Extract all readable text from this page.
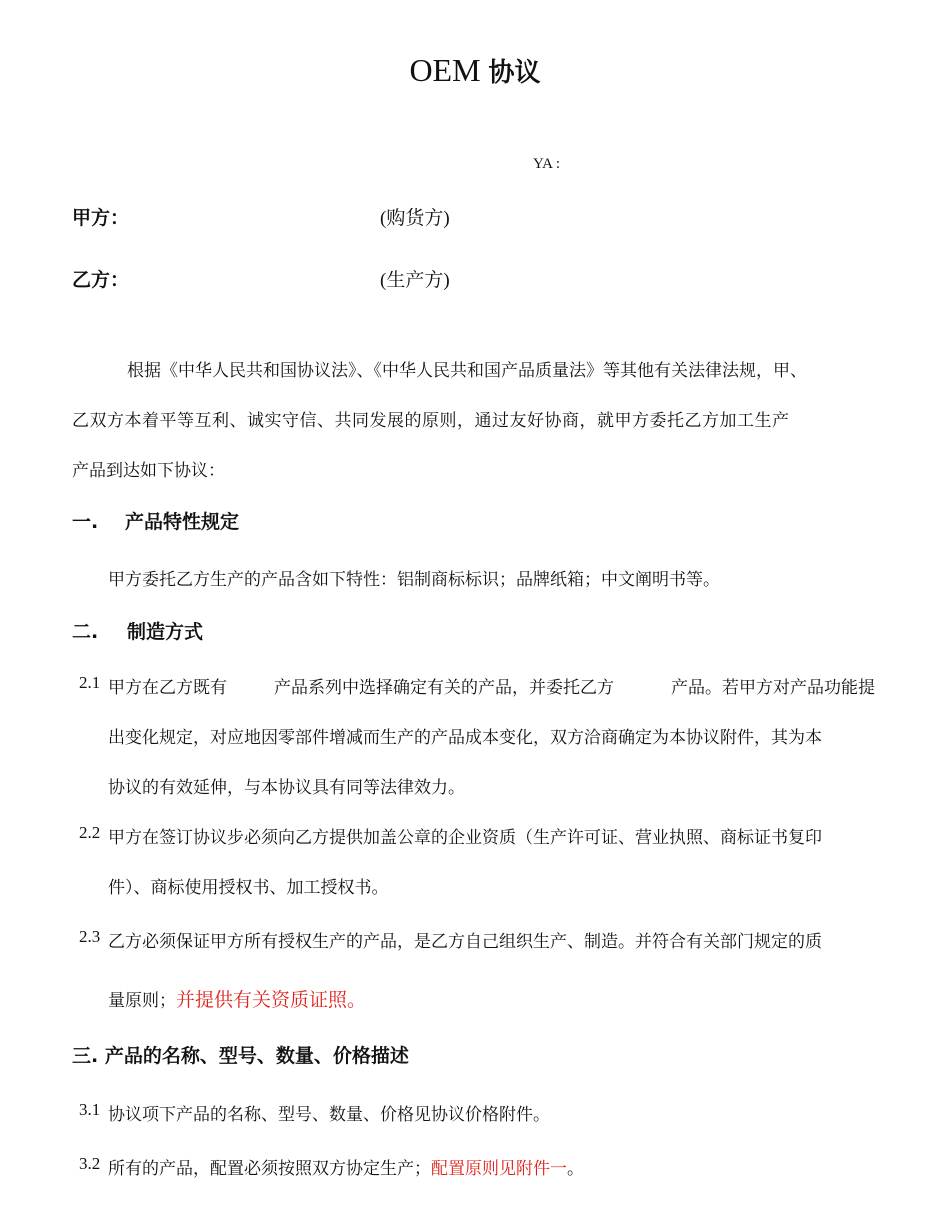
OEM 协议
YA :
甲方：	(购货方)
乙方：	(生产方)
根据《中华人民共和国协议法》、《中华人民共和国产品质量法》等其他有关法律法规，甲、
乙双方本着平等互利、诚实守信、共同发展的原则，通过友好协商，就甲方委托乙方加工生产
产品到达如下协议：
一. 产品特性规定
甲方委托乙方生产的产品含如下特性：铝制商标标识；品牌纸箱；中文阐明书等。
二. 制造方式
2.1 甲方在乙方既有	产品系列中选择确定有关的产品，并委托乙方	产品。若甲方对产品功能提
出变化规定，对应地因零部件增减而生产的产品成本变化，双方洽商确定为本协议附件，其为本
协议的有效延伸，与本协议具有同等法律效力。
2.2 甲方在签订协议步必须向乙方提供加盖公章的企业资质（生产许可证、营业执照、商标证书复印
件）、商标使用授权书、加工授权书。
2.3 乙方必须保证甲方所有授权生产的产品，是乙方自己组织生产、制造。并符合有关部门规定的质
量原则；并提供有关资质证照。
三. 产品的名称、型号、数量、价格描述
3.1 协议项下产品的名称、型号、数量、价格见协议价格附件。
3.2 所有的产品，配置必须按照双方协定生产；配置原则见附件一。
